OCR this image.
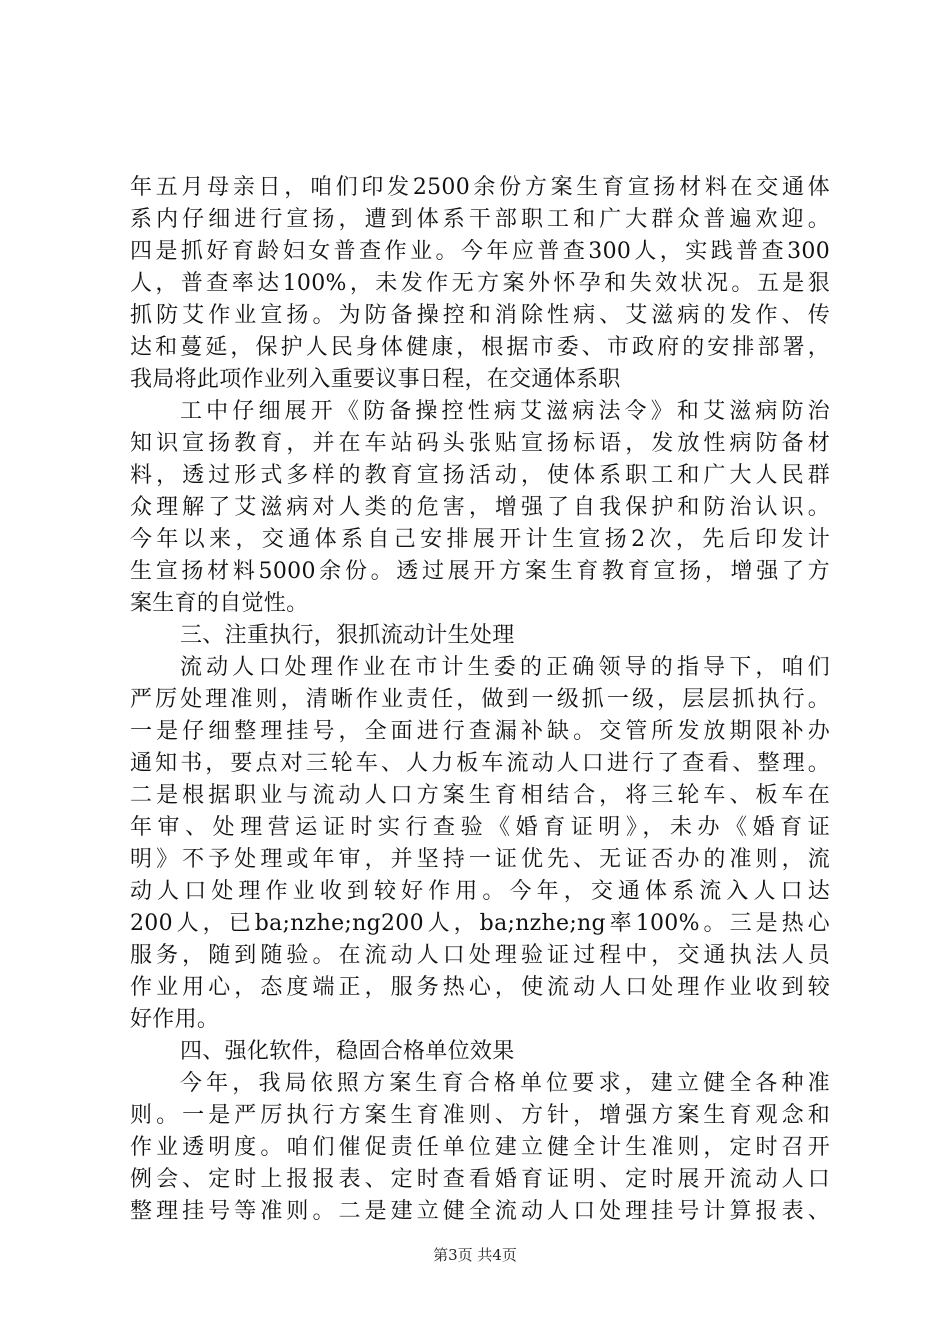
年五月母亲日，咱们印发2500余份方案生育宣扬材料在交通体
系内仔细进行宣扬，遭到体系干部职工和广大群众普遍欢迎。
四是抓好育龄妇女普查作业。今年应普查300人，实践普查300
人，普查率达100%，未发作无方案外怀孕和失效状况。五是狠
抓防艾作业宣扬。为防备操控和消除性病、艾滋病的发作、传
达和蔓延，保护人民身体健康，根据市委、市政府的安排部署，
我局将此项作业列入重要议事日程，在交通体系职
工中仔细展开《防备操控性病艾滋病法令》和艾滋病防治
知识宣扬教育，并在车站码头张贴宣扬标语，发放性病防备材
料，透过形式多样的教育宣扬活动，使体系职工和广大人民群
众理解了艾滋病对人类的危害，增强了自我保护和防治认识。
今年以来，交通体系自己安排展开计生宣扬2次，先后印发计
生宣扬材料5000余份。透过展开方案生育教育宣扬，增强了方
案生育的自觉性。
三、注重执行，狠抓流动计生处理
流动人口处理作业在市计生委的正确领导的指导下，咱们
严厉处理准则，清晰作业责任，做到一级抓一级，层层抓执行。
一是仔细整理挂号，全面进行查漏补缺。交管所发放期限补办
通知书，要点对三轮车、人力板车流动人口进行了查看、整理。
二是根据职业与流动人口方案生育相结合，将三轮车、板车在
年审、处理营运证时实行查验《婚育证明》，未办《婚育证
明》不予处理或年审，并坚持一证优先、无证否办的准则，流
动人口处理作业收到较好作用。今年，交通体系流入人口达
200人，已ba;nzhe;ng200人，ba;nzhe;ng率100%。三是热心
服务，随到随验。在流动人口处理验证过程中，交通执法人员
作业用心，态度端正，服务热心，使流动人口处理作业收到较
好作用。
四、强化软件，稳固合格单位效果
今年，我局依照方案生育合格单位要求，建立健全各种准
则。一是严厉执行方案生育准则、方针，增强方案生育观念和
作业透明度。咱们催促责任单位建立健全计生准则，定时召开
例会、定时上报报表、定时查看婚育证明、定时展开流动人口
整理挂号等准则。二是建立健全流动人口处理挂号计算报表、
第3页 共4页
